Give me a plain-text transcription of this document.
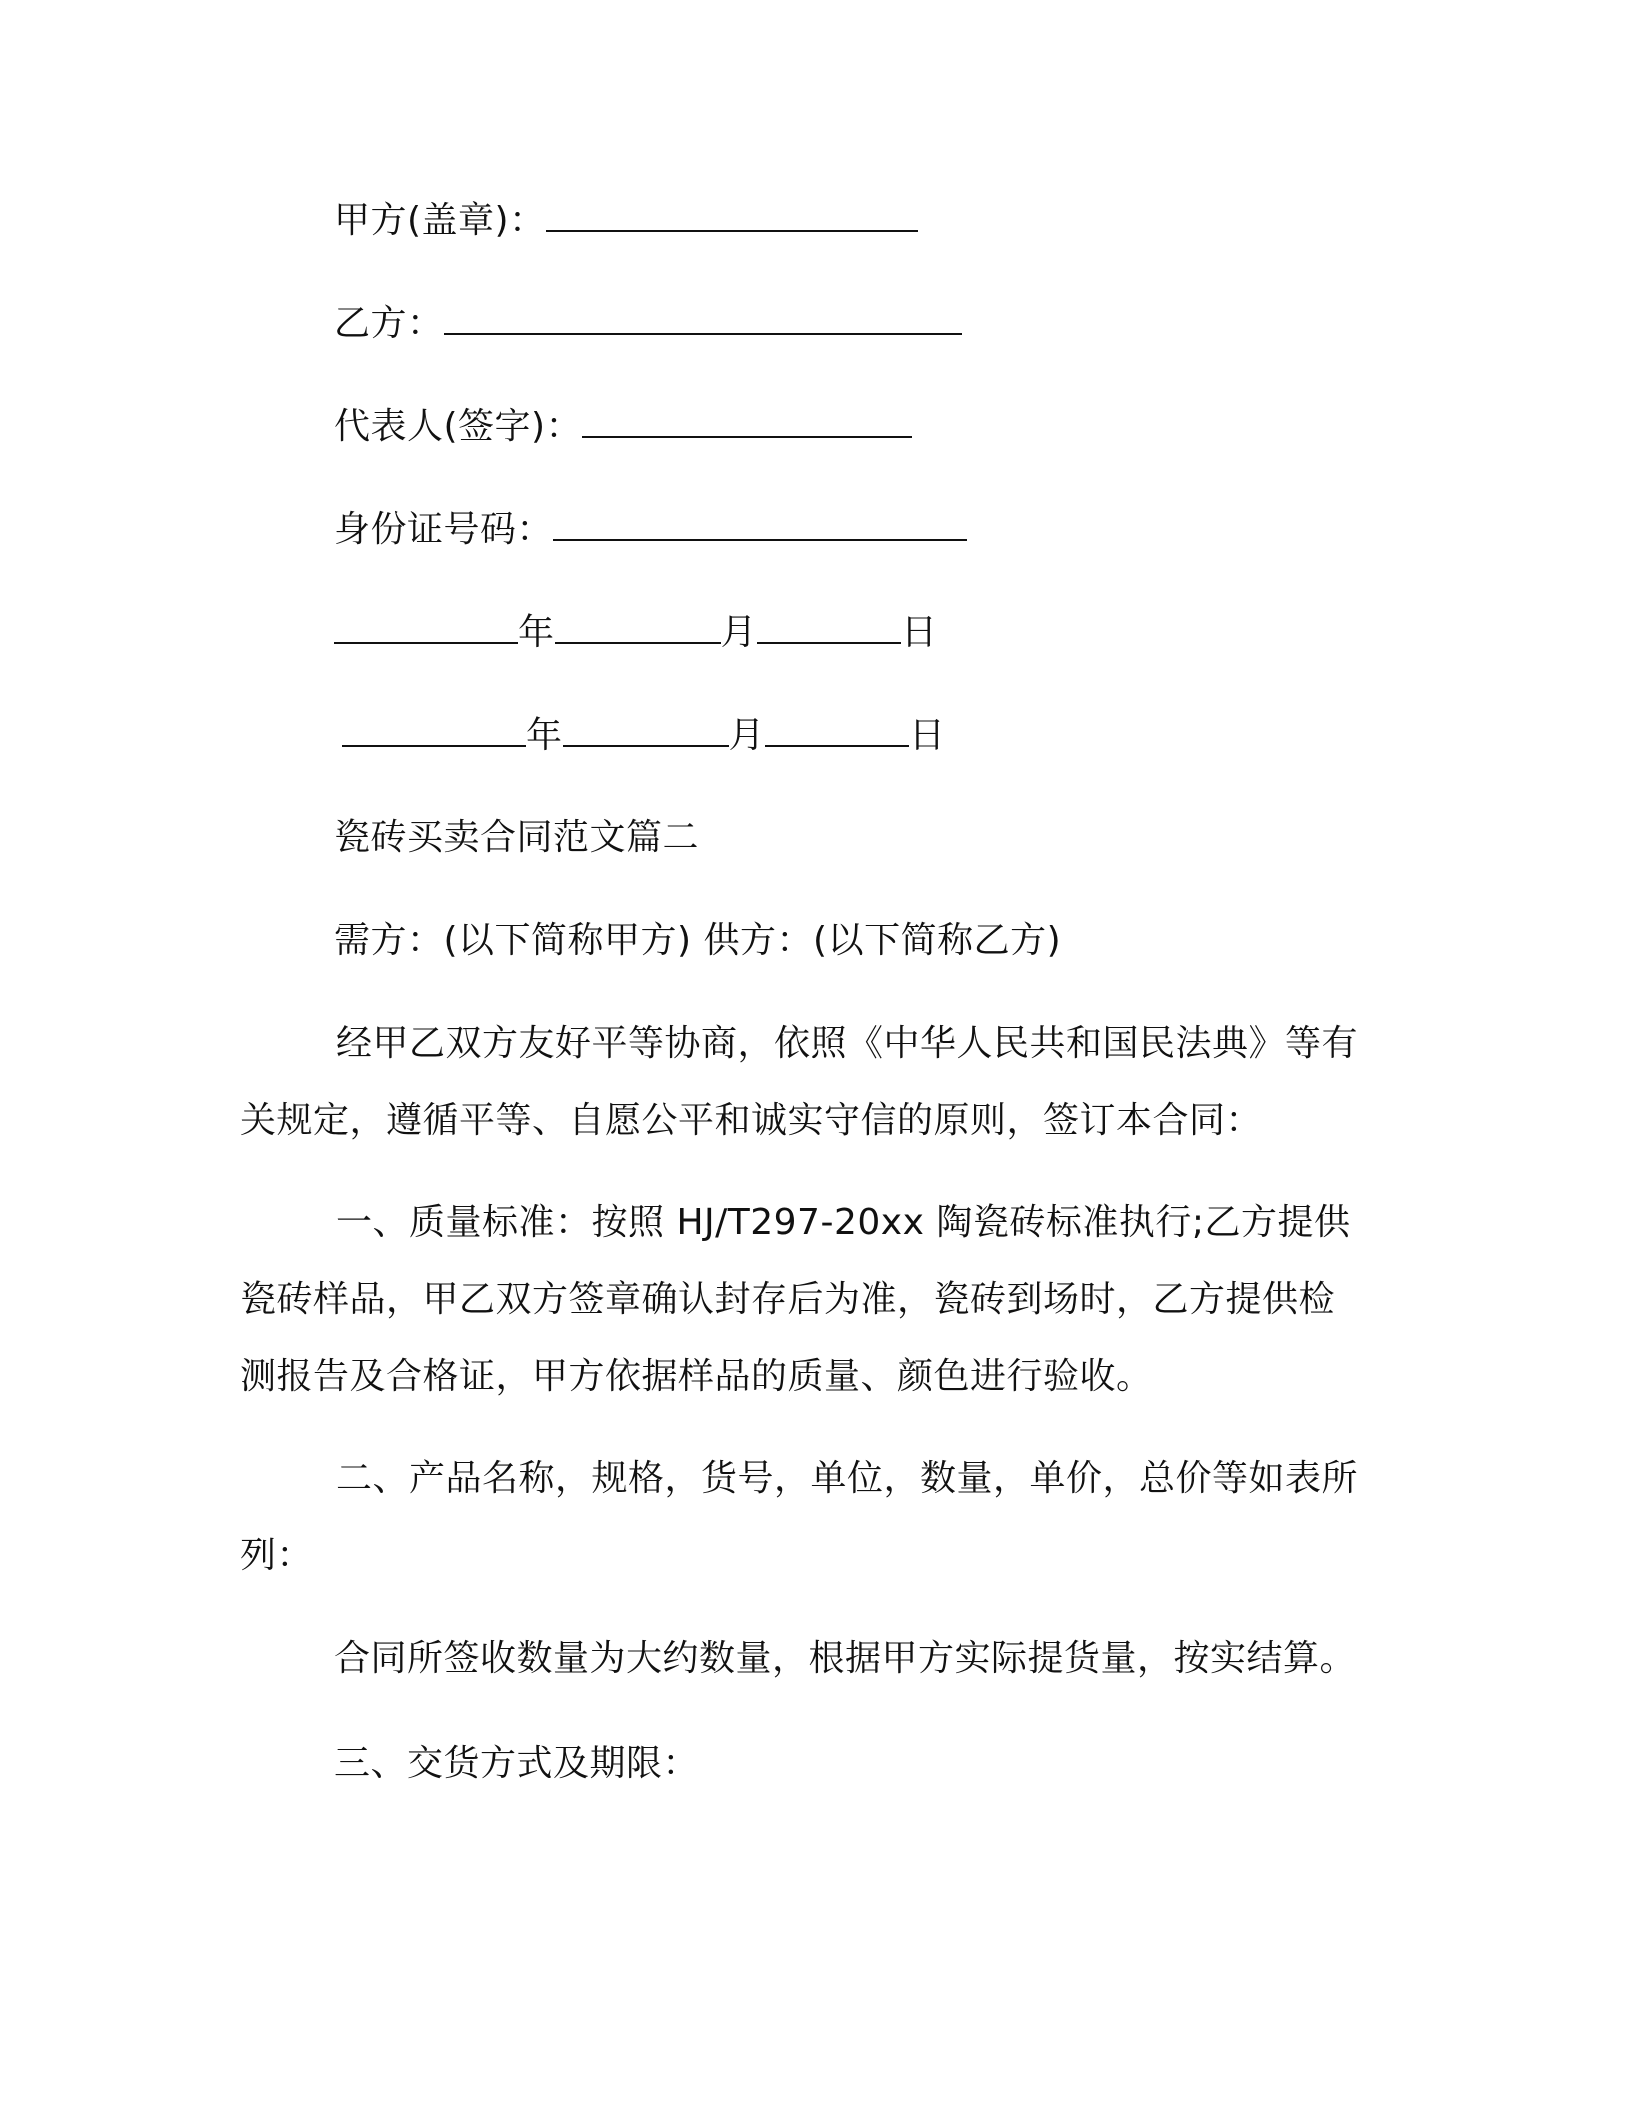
甲方(盖章)：
乙方：
代表人(签字)：
身份证号码：
年	月	日
年	月	日
瓷砖买卖合同范文篇二
需方：(以下简称甲方) 供方：(以下简称乙方)
经甲乙双方友好平等协商，依照《中华人民共和国民法典》等有关规定，遵循平等、自愿公平和诚实守信的原则，签订本合同：
一、质量标准：按照 HJ/T297-20xx 陶瓷砖标准执行;乙方提供瓷砖样品，甲乙双方签章确认封存后为准，瓷砖到场时，乙方提供检测报告及合格证，甲方依据样品的质量、颜色进行验收。
二、产品名称，规格，货号，单位，数量，单价，总价等如表所列：
合同所签收数量为大约数量，根据甲方实际提货量，按实结算。
三、交货方式及期限：
